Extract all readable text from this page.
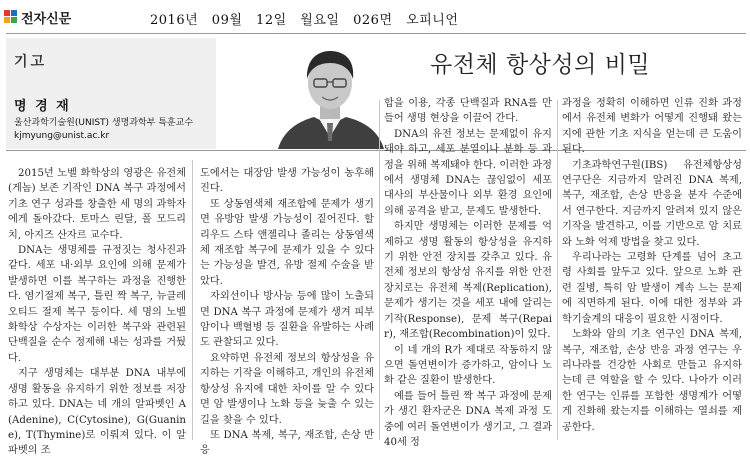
전자신문	2016년 09월 12일 월요일 026면 오피니언
기고
명 경 재
울산과학기술원(UNIST) 생명과학부 특훈교수
kjmyung@unist.ac.kr
유전체 항상성의 비밀

2015년 노벨 화학상의 영광은 유전체(게놈) 보존 기작인 DNA 복구 과정에서 기초 연구 성과를 창출한 세 명의 과학자에게 돌아갔다. 토마스 린달, 폴 모드리치, 아지즈 산자르 교수다.

DNA는 생명체를 규정짓는 청사진과 같다. 세포 내·외부 요인에 의해 문제가 발생하면 이를 복구하는 과정을 진행한다. 염기절제 복구, 틀린 짝 복구, 뉴클레오티드 절제 복구 등이다. 세 명의 노벨화학상 수상자는 이러한 복구와 관련된 단백질을 순수 정제해 내는 성과를 거뒀다.

지구 생명체는 대부분 DNA 내부에 생명 활동을 유지하기 위한 정보를 저장하고 있다. DNA는 네 개의 알파벳인 A(Adenine), C(Cytosine), G(Guanine), T(Thymine)로 이뤄져 있다. 이 알파벳의 조

도에서는 대장암 발생 가능성이 농후해진다.

또 상동염색체 재조합에 문제가 생기면 유방암 발생 가능성이 짙어진다. 할리우드 스타 앤젤리나 졸리는 상동염색체 재조합 복구에 문제가 있을 수 있다는 가능성을 발견, 유방 절제 수술을 받았다.

자외선이나 방사능 등에 많이 노출되면 DNA 복구 과정에 문제가 생겨 피부암이나 백혈병 등 질환을 유발하는 사례도 관찰되고 있다.

요약하면 유전체 정보의 항상성을 유지하는 기작을 이해하고, 개인의 유전체 항상성 유지에 대한 차이를 알 수 있다면 암 발생이나 노화 등을 늦출 수 있는 길을 찾을 수 있다.

또 DNA 복제, 복구, 재조합, 손상 반응

합을 이용, 각종 단백질과 RNA를 만들어 생명 현상을 이끌어 간다.

DNA의 유전 정보는 문제없이 유지돼야 하고, 세포 분열이나 분화 등 과정을 위해 복제돼야 한다. 이러한 과정에서 생명체 DNA는 끊임없이 세포 대사의 부산물이나 외부 환경 요인에 의해 공격을 받고, 문제도 발생한다.

하지만 생명체는 이러한 문제를 억제하고 생명 활동의 항상성을 유지하기 위한 안전 장치를 갖추고 있다. 유전체 정보의 항상성 유지를 위한 안전 장치로는 유전체 복제(Replication), 문제가 생기는 것을 세포 내에 알리는 기작(Response), 문제 복구(Repair), 재조합(Recombination)이 있다.

이 네 개의 R가 제대로 작동하지 않으면 돌연변이가 증가하고, 암이나 노화 같은 질환이 발생한다.

예를 들어 틀린 짝 복구 과정에 문제가 생긴 환자군은 DNA 복제 과정 도중에 여러 돌연변이가 생기고, 그 결과 40세 정

과정을 정확히 이해하면 인류 진화 과정에서 유전체 변화가 어떻게 진행돼 왔는지에 관한 기초 지식을 얻는데 큰 도움이 된다.

기초과학연구원(IBS) 유전체항상성 연구단은 지금까지 알려진 DNA 복제, 복구, 재조합, 손상 반응을 분자 수준에서 연구한다. 지금까지 알려져 있지 않은 기작을 발견하고, 이를 기반으로 암 치료와 노화 억제 방법을 찾고 있다.

우리나라는 고령화 단계를 넘어 초고령 사회를 앞두고 있다. 앞으로 노화 관련 질병, 특히 암 발생이 계속 느는 문제에 직면하게 된다. 이에 대한 정부와 과학기술계의 대응이 필요한 시점이다.

노화와 암의 기초 연구인 DNA 복제, 복구, 재조합, 손상 반응 과정 연구는 우리나라를 건강한 사회로 만들고 유지하는데 큰 역할을 할 수 있다. 나아가 이러한 연구는 인류를 포함한 생명계가 어떻게 진화해 왔는지를 이해하는 열쇠를 제공한다.
